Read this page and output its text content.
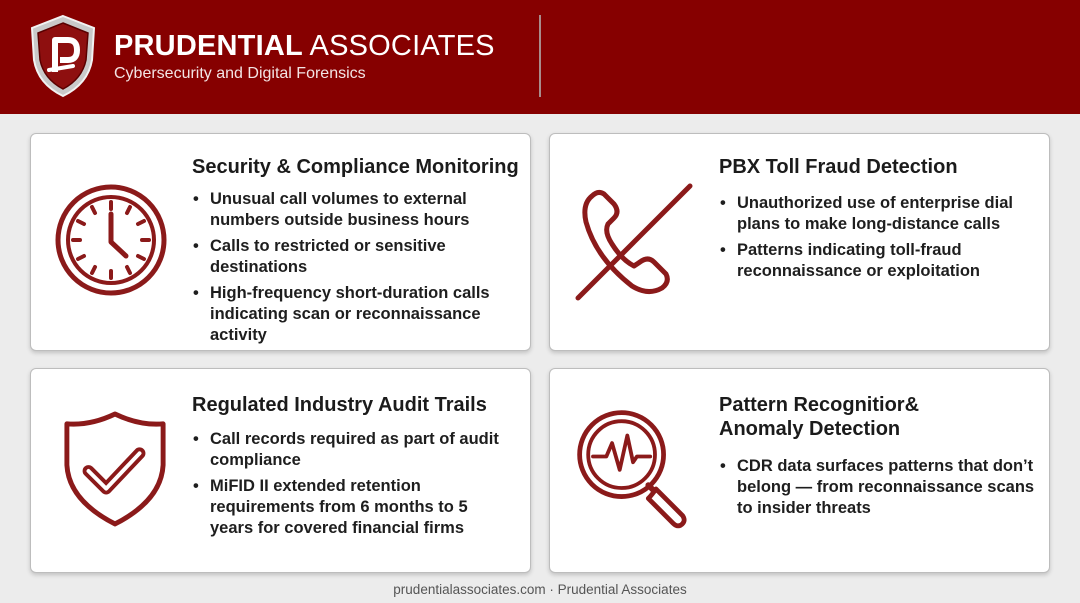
PRUDENTIAL ASSOCIATES
Cybersecurity and Digital Forensics
Security & Compliance Monitoring
• Unusual call volumes to external numbers outside business hours
• Calls to restricted or sensitive destinations
• High-frequency short-duration calls indicating scan or reconnaissance activity
PBX Toll Fraud Detection
• Unauthorized use of enterprise dial plans to make long-distance calls
• Patterns indicating toll-fraud reconnaissance or exploitation
Regulated Industry Audit Trails
• Call records required as part of audit compliance
• MiFID II extended retention requirements from 6 months to 5 years for covered financial firms
Pattern Recognitior&
Anomaly Detection
• CDR data surfaces patterns that don’t belong — from reconnaissance scans to insider threats
prudentialassociates.com · Prudential Associates
